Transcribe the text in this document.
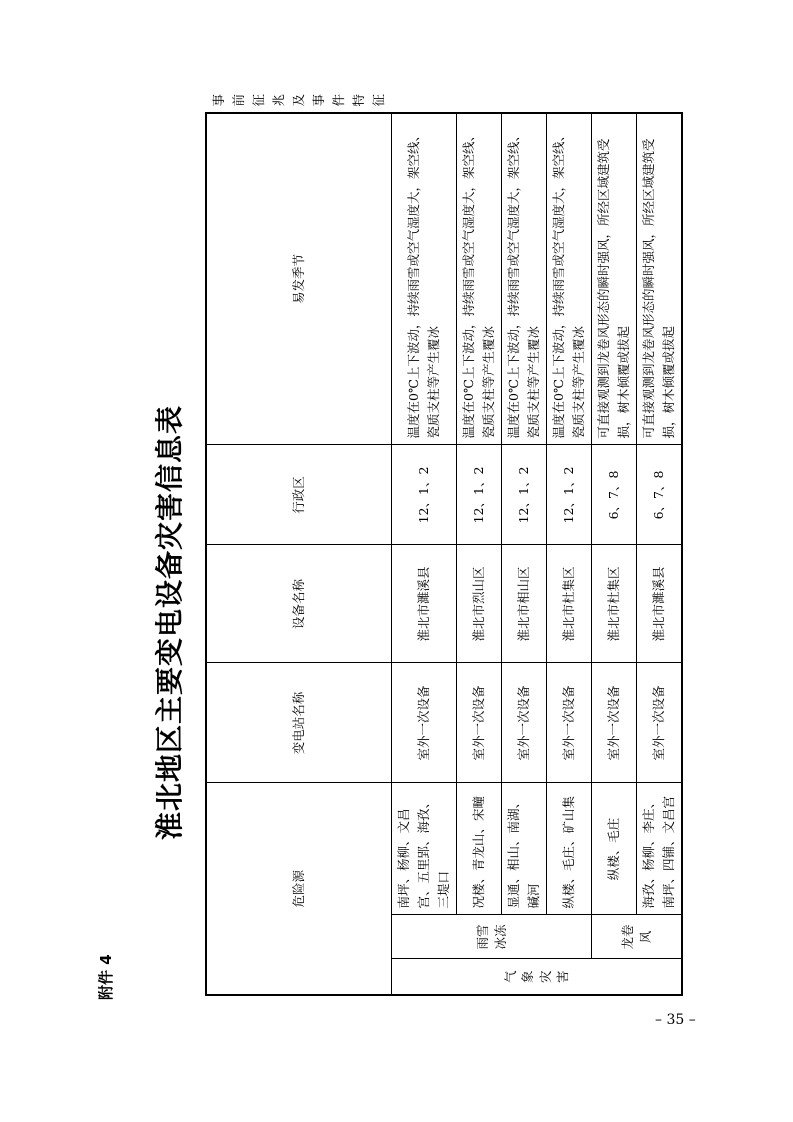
附件 4
淮北地区主要变电设备灾害信息表
危险源			变电站名称	设备名称	行政区	易发季节	事前征兆及事件特征
气象灾害	雨雪冰冻	南坪、杨柳、文昌宫、五里郢、海孜、三堤口	室外一次设备	淮北市濉溪县	12、1、2	温度在0℃上下波动，持续雨雪或空气湿度大，架空线、瓷质支柱等产生覆冰	
		况楼、青龙山、宋疃	室外一次设备	淮北市烈山区	12、1、2	温度在0℃上下波动，持续雨雪或空气湿度大，架空线、瓷质支柱等产生覆冰	
		显通、相山、南湖、碱河	室外一次设备	淮北市相山区	12、1、2	温度在0℃上下波动，持续雨雪或空气湿度大，架空线、瓷质支柱等产生覆冰	
		纵楼、毛庄、矿山集	室外一次设备	淮北市杜集区	12、1、2	温度在0℃上下波动，持续雨雪或空气湿度大，架空线、瓷质支柱等产生覆冰	
	龙卷风	纵楼、毛庄	室外一次设备	淮北市杜集区	6、7、8	可直接观测到龙卷风形态的瞬时强风，所经区域建筑受损，树木倾覆或拔起	
		海孜、杨柳、李庄、南坪、四铺、文昌宫	室外一次设备	淮北市濉溪县	6、7、8	可直接观测到龙卷风形态的瞬时强风，所经区域建筑受损，树木倾覆或拔起	
– 35 –
